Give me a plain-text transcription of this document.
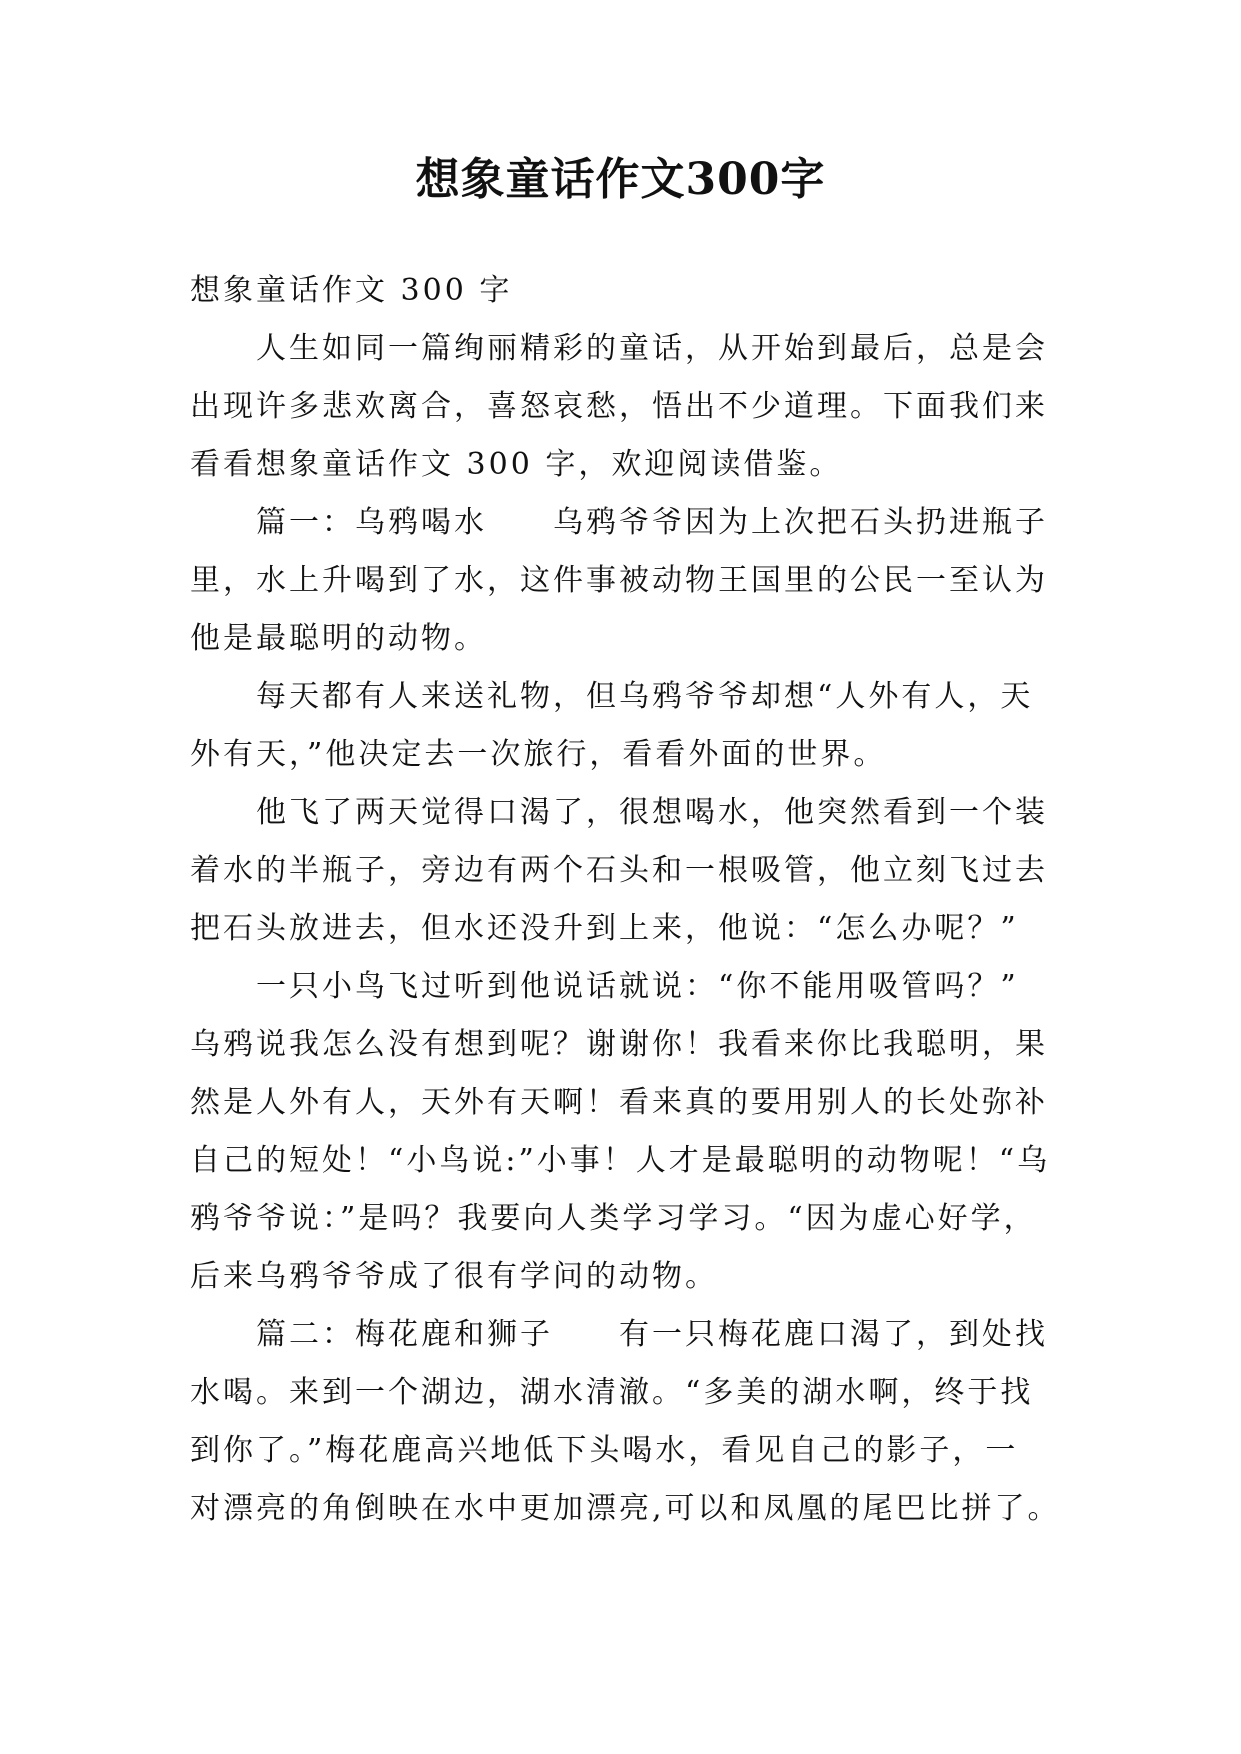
想象童话作文300字
想象童话作文 300 字
人生如同一篇绚丽精彩的童话，从开始到最后，总是会
出现许多悲欢离合，喜怒哀愁，悟出不少道理。下面我们来
看看想象童话作文 300 字，欢迎阅读借鉴。
篇一：乌鸦喝水　　乌鸦爷爷因为上次把石头扔进瓶子
里，水上升喝到了水，这件事被动物王国里的公民一至认为
他是最聪明的动物。
每天都有人来送礼物，但乌鸦爷爷却想“人外有人，天
外有天，”他决定去一次旅行，看看外面的世界。
他飞了两天觉得口渴了，很想喝水，他突然看到一个装
着水的半瓶子，旁边有两个石头和一根吸管，他立刻飞过去
把石头放进去，但水还没升到上来，他说：“怎么办呢？”
一只小鸟飞过听到他说话就说：“你不能用吸管吗？”
乌鸦说我怎么没有想到呢？谢谢你！我看来你比我聪明，果
然是人外有人，天外有天啊！看来真的要用别人的长处弥补
自己的短处！“小鸟说:”小事！人才是最聪明的动物呢！“乌
鸦爷爷说：”是吗？我要向人类学习学习。“因为虚心好学，
后来乌鸦爷爷成了很有学问的动物。
篇二：梅花鹿和狮子　　有一只梅花鹿口渴了，到处找
水喝。来到一个湖边，湖水清澈。“多美的湖水啊，终于找
到你了。”梅花鹿高兴地低下头喝水，看见自己的影子，一
对漂亮的角倒映在水中更加漂亮,可以和凤凰的尾巴比拼了。
